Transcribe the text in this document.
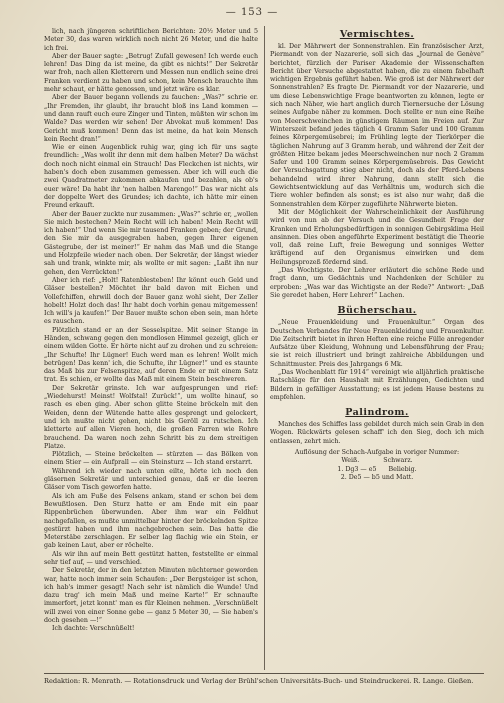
— 153 —

lich, nach jüngeren schriftlichen Berichten: 20½ Meter und 5 Meter 30, das waren wirklich noch nicht 26 Meter, und die halte ich frei.

Aber der Bauer sagte: „Betrug! Zufall gewesen! Ich werde euch lehren! Das Ding da ist meine, da gibt es nichts!“ Der Sekretär war froh, nach allen Kletterern und Messen nun endlich seine drei Franken verdient zu haben und schon, kein Mensch brauchte ihm mehr schaut, er hätte genossen, und jetzt wäre es klar.

Aber der Bauer begann vollends zu fauchen: „Was?“ schrie er. „Ihr Fremden, ihr glaubt, ihr braucht bloß ins Land kommen — und dann rauft euch eure Zinger und Tinten, müßten wir schon im Walde? Das werden wir sehen! Der Abvokat muß kommen! Das Gericht muß kommen! Denn das ist meine, da hat kein Mensch kein Recht dran!“

Wie er einen Augenblick ruhig war, ging ich für uns sagte freundlich: „Was wollt ihr denn mit dem halben Meter? Da wächst doch noch nicht einmal ein Strauch! Das Fleckchen ist nichts, wir haben's doch eben zusammen gemessen. Aber ich will euch die zwei Quadratmeter zukommen abkaufen und bezahlen, als ob's euer wäre! Da habt ihr 'nen halben Marengo!“ Das war nicht als der doppelte Wert des Grundes; ich dachte, ich hätte mir einen Freund erkauft.

Aber der Bauer zuckte nur zusammen: „Was?“ schrie er, „wollen Sie mich bestechen? Mein Recht will ich haben! Mein Recht will ich haben!“ Und wenn Sie mir tausend Franken geben; der Grund, den Sie mir da ausgegraben haben, gegen Ihrer eigenen Gästegrube, der ist meiner!“ Er nahm das Maß und die Stange und Holzpfeile wieder nach oben. Der Sekretär, der längst wieder sah und trank, winkte mir, als wollte er mit sagen: „Laßt ihn nur gehen, den Verrückten!“

Aber ich rief: „Holt! Ratenblesteben! Ihr könnt euch Geld und Gläser bestellen? Möchtet ihr bald davon mit Eichen und Vollefchiffen, ehrwill doch der Bauer ganz wohl sieht, Der Zeller hobelt! Holzt doch das! Ihr habt doch vorhin genau mitgemessen! Ich will's ja kaufen!“ Der Bauer mußte schon eben sein, man hörte es rauschen.

Plötzlich stand er an der Sesselspitze. Mit seiner Stange in Händen, schwang gegen den mondlosen Himmel gezeigt, glich er einem wilden Gotte. Er hörte nicht auf zu drohen und zu schreien: „Ihr Schufte! Ihr Lügner! Euch werd man es lehren! Wollt mich betrügen! Das kenn' ich, die Schufte, ihr Lügner!“ und es staunte das Maß bis zur Felsenspitze, auf deren Ende er mit einem Satz trat. Es schien, er wollte das Maß mit einem Stein beschweren.

Der Sekretär grinste. Ich war aufgesprungen und rief: „Wiedehurst! Meinst! Wolfstal! Zurück!“, um wollte hinauf, so rasch es eben ging. Aber schon glitte Steine bröckeln mit den Weiden, denn der Wütende hatte alles gesprengt und gelockert, und ich mußte nicht gehen, nicht bis Geröll zu rutschen. Ich kletterte auf allen Vieren hoch, die großen Farren wie Rohre brauchend. Da waren noch zehn Schritt bis zu dem streitigen Platze.

Plötzlich, — Steine bröckelten — stürzten — das Bölken von einem Stier — ein Aufprall — ein Steinsturz — Ich stand erstarrt.

Während ich wieder nach unten eilte, hörte ich noch den gläsernen Sekretär und unterschied genau, daß er die leeren Gläser vom Tisch geworfen hatte.

Als ich am Fuße des Felsens ankam, stand er schon bei dem Bewußtlosen. Den Sturz hatte er am Ende mit ein paar Rippenbrüchen überwunden. Aber ihm war ein Feldhut nachgefallen, es mußte unmittelbar hinter der bröckelnden Spitze gestürzt haben und ihm nachgebrochen sein. Das hatte die Meterstäbe zerschlagen. Er selber lag flachig wie ein Stein, er gab keinen Laut, aber er röchelte.

Als wir ihn auf mein Bett gestützt hatten, feststellte er einmal sehr tief auf, — und verschied.

Der Sekretär, der in den letzten Minuten nüchterner geworden war, hatte noch immer sein Schaufen: „Der Bergsteiger ist schon, ich hab's immer gesagt! Nach sehr ist nämlich die Wunde! Und dazu trag' ich mein Maß und meine Karte!“ Er schnaufte immerfort, jetzt konnt' man es für Kleinen nehmen. „Verschnüßelt will zwei von einer Sonne gebe — ganz 5 Meter 30, — Sie haben's doch gesehen —!“

Ich dachte: Verschnüßelt!

Vermischtes.

kl. Der Mährwert der Sonnenstrahlen. Ein französischer Arzt, Piermandt von der Nazarerie, soll sich das „Journal de Genève“ berichtet, fürzlich der Pariser Akademie der Wissenschaften Bericht über Versuche abgestattet haben, die zu einem fabelhaft wichtigen Ergebnis geführt haben. Wie groß ist der Nährwert der Sonnenstrahlen? Es fragte Dr. Piermandt vor der Nazarerie, und um diese Lebenswichtige Frage beantworten zu können, legte er sich nach Näher, wie hart anglich durch Tiernersuche der Lösung seines Aufgabe näher zu kommen. Doch stellte er nun eine Reihe von Meerschweinchen in günstigem Räumen im Freien auf. Zur Winterszeit befand jedes täglich 4 Gramm Safer und 100 Gramm feines Körpergemüsebrei; im Frühling legte der Tierkörper die täglichen Nahrung auf 3 Gramm herab, und während der Zeit der größten Hitze bekam jedes Meerschweinchen nur noch 2 Gramm Safer und 100 Gramm seines Körpergemüsebreis. Das Gewicht der Versuchsgattung stieg aber nicht, doch als der Pferd-Lebens behandelnd wird ihrer Nahrung, dann stellt sich die Gewichtsentwicklung auf das Verhältnis um, wodurch sich die Tiere wohler befinden als sonst; es ist also nur wahr, daß die Sonnenstrahlen dem Körper zugeführte Nährwerte bieten.

Mit der Möglichkeit der Wahrscheinlichkeit der Ausführung wird von nun ab der Versuch und die Gesundheit Frage der Kranken und Erholungsbedürftigen in sonnigen Gebirgsklima Heil ansinnen. Dies oben angeführte Experiment bestätigt die Theorie voll, daß reine Luft, freie Bewegung und sonniges Wetter kräftigend auf den Organismus einwirken und dem Heilungsprozeß fördernd sind.

„Das Wochtigste. Der Lehrer erläutert die schöne Rede und fragt dann, um Gedächtnis und Nachdenken der Schüler zu erproben: „Was war das Wichtigste an der Rede?“ Antwort: „Daß Sie geredet haben, Herr Lehrer!“ Lachen.

Bücherschau.

„Neue Frauenkleidung und Frauenkultur.“ Organ des Deutschen Verbandes für Neue Frauenkleidung und Frauenkultur. Die Zeitschrift bietet in ihren Heften eine reiche Fülle anregender Aufsätze über Kleidung, Wohnung und Lebensführung der Frau; sie ist reich illustriert und bringt zahlreiche Abbildungen und Schnittmuster. Preis des Jahrgangs 6 Mk.

„Das Wochenblatt für 1914“ vereinigt wie alljährlich praktische Ratschläge für den Haushalt mit Erzählungen, Gedichten und Bildern in gefälliger Ausstattung; es ist jedem Hause bestens zu empfehlen.

Palindrom.

Manches des Schiffes lass gebildet durch mich sein Grab in den Wogen. Rückwärts gelesen schaff' ich den Sieg, doch ich mich entlassen, zehrt mich.

Auflösung der Schach-Aufgabe in voriger Nummer:
Weiß.            Schwarz.
1. Dg3 — e5      Beliebig.
2. De5 — b5 und Matt.
Redaktion: R. Menrath. — Rotationsdruck und Verlag der Brühl'schen Universitäts-Buch- und Steindruckerei. R. Lange. Gießen.
